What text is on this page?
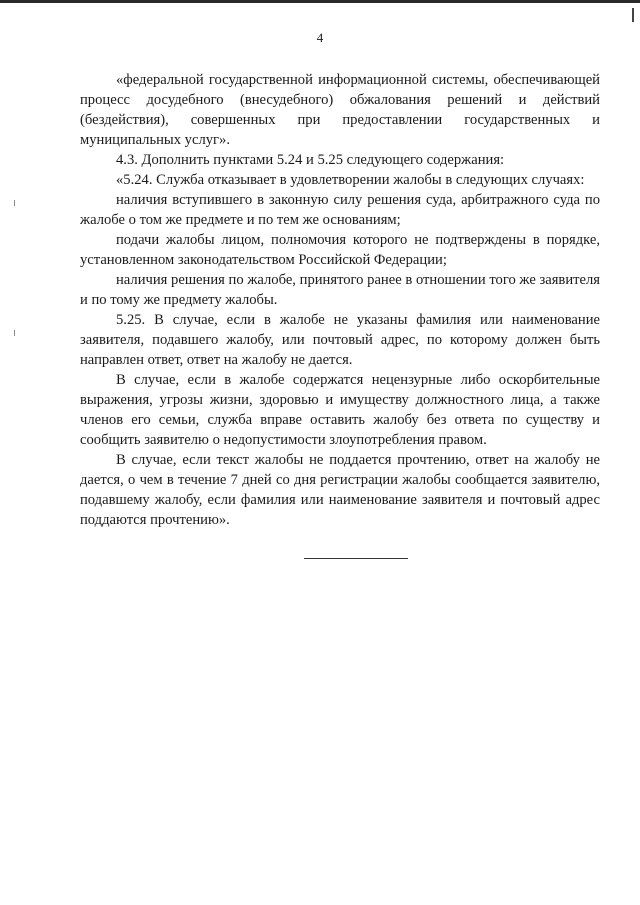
4

«федеральной государственной информационной системы, обеспечивающей процесс досудебного (внесудебного) обжалования решений и действий (бездействия), совершенных при предоставлении государственных и муниципальных услуг».

4.3. Дополнить пунктами 5.24 и 5.25 следующего содержания:

«5.24. Служба отказывает в удовлетворении жалобы в следующих случаях:

наличия вступившего в законную силу решения суда, арбитражного суда по жалобе о том же предмете и по тем же основаниям;

подачи жалобы лицом, полномочия которого не подтверждены в порядке, установленном законодательством Российской Федерации;

наличия решения по жалобе, принятого ранее в отношении того же заявителя и по тому же предмету жалобы.

5.25. В случае, если в жалобе не указаны фамилия или наименование заявителя, подавшего жалобу, или почтовый адрес, по которому должен быть направлен ответ, ответ на жалобу не дается.

В случае, если в жалобе содержатся нецензурные либо оскорбительные выражения, угрозы жизни, здоровью и имуществу должностного лица, а также членов его семьи, служба вправе оставить жалобу без ответа по существу и сообщить заявителю о недопустимости злоупотребления правом.

В случае, если текст жалобы не поддается прочтению, ответ на жалобу не дается, о чем в течение 7 дней со дня регистрации жалобы сообщается заявителю, подавшему жалобу, если фамилия или наименование заявителя и почтовый адрес поддаются прочтению».
